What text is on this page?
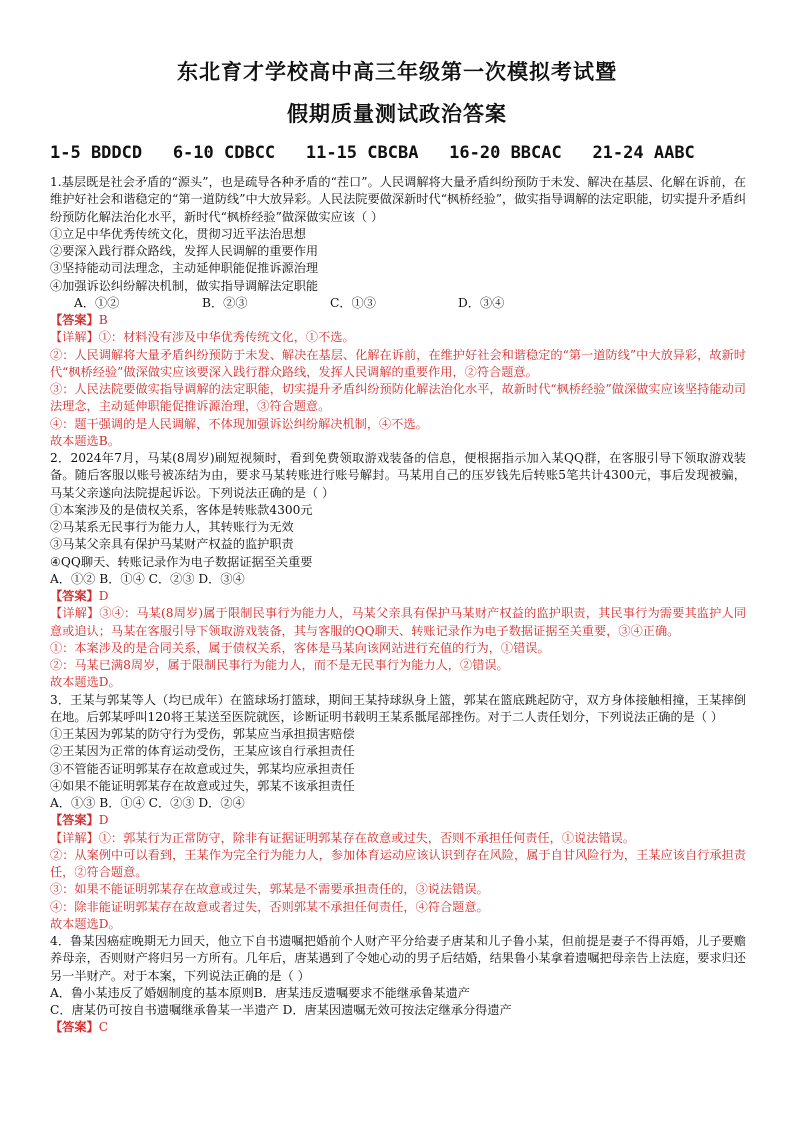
东北育才学校高中高三年级第一次模拟考试暨
假期质量测试政治答案
1-5 BDDCD   6-10 CDBCC   11-15 CBCBA   16-20 BBCAC   21-24 AABC

1.基层既是社会矛盾的“源头”，也是疏导各种矛盾的“茬口”。人民调解将大量矛盾纠纷预防于未发、解决在基层、化解在诉前，在维护好社会和谐稳定的“第一道防线”中大放异彩。人民法院要做深新时代“枫桥经验”，做实指导调解的法定职能，切实提升矛盾纠纷预防化解法治化水平，新时代“枫桥经验”做深做实应该（ ）

①立足中华优秀传统文化，贯彻习近平法治思想

②要深入践行群众路线，发挥人民调解的重要作用

③坚持能动司法理念，主动延伸职能促推诉源治理

④加强诉讼纠纷解决机制，做实指导调解法定职能

A．①②	B．②③	C．①③	D．③④

【答案】B

【详解】①：材料没有涉及中华优秀传统文化，①不选。

②：人民调解将大量矛盾纠纷预防于未发、解决在基层、化解在诉前，在维护好社会和谐稳定的“第一道防线”中大放异彩，故新时代“枫桥经验”做深做实应该要深入践行群众路线，发挥人民调解的重要作用，②符合题意。

③：人民法院要做实指导调解的法定职能，切实提升矛盾纠纷预防化解法治化水平，故新时代“枫桥经验”做深做实应该坚持能动司法理念，主动延伸职能促推诉源治理，③符合题意。

④：题干强调的是人民调解，不体现加强诉讼纠纷解决机制，④不选。

故本题选B。

2．2024年7月，马某(8周岁)刷短视频时，看到免费领取游戏装备的信息，便根据指示加入某QQ群，在客服引导下领取游戏装备。随后客服以账号被冻结为由，要求马某转账进行账号解封。马某用自己的压岁钱先后转账5笔共计4300元，事后发现被骗，马某父亲遂向法院提起诉讼。下列说法正确的是（ ）

①本案涉及的是债权关系，客体是转账款4300元

②马某系无民事行为能力人，其转账行为无效

③马某父亲具有保护马某财产权益的监护职责

④QQ聊天、转账记录作为电子数据证据至关重要

A．①② B．①④ C．②③ D．③④

【答案】D

【详解】③④：马某(8周岁)属于限制民事行为能力人，马某父亲具有保护马某财产权益的监护职责，其民事行为需要其监护人同意或追认；马某在客服引导下领取游戏装备，其与客服的QQ聊天、转账记录作为电子数据证据至关重要，③④正确。

①：本案涉及的是合同关系，属于债权关系，客体是马某向该网站进行充值的行为，①错误。

②：马某已满8周岁，属于限制民事行为能力人，而不是无民事行为能力人，②错误。

故本题选D。

3．王某与郭某等人（均已成年）在篮球场打篮球，期间王某持球纵身上篮，郭某在篮底跳起防守，双方身体接触相撞，王某摔倒在地。后郭某呼叫120将王某送至医院就医，诊断证明书载明王某系骶尾部挫伤。对于二人责任划分，下列说法正确的是（ ）

①王某因为郭某的防守行为受伤，郭某应当承担损害赔偿

②王某因为正常的体育运动受伤，王某应该自行承担责任

③不管能否证明郭某存在故意或过失，郭某均应承担责任

④如果不能证明郭某存在故意或过失，郭某不该承担责任

A．①③ B．①④ C．②③ D．②④

【答案】D

【详解】①：郭某行为正常防守，除非有证据证明郭某存在故意或过失，否则不承担任何责任，①说法错误。

②：从案例中可以看到，王某作为完全行为能力人，参加体育运动应该认识到存在风险，属于自甘风险行为，王某应该自行承担责任，②符合题意。

③：如果不能证明郭某存在故意或过失，郭某是不需要承担责任的，③说法错误。

④：除非能证明郭某存在故意或者过失，否则郭某不承担任何责任，④符合题意。

故本题选D。

4．鲁某因癌症晚期无力回天，他立下自书遗嘱把婚前个人财产平分给妻子唐某和儿子鲁小某，但前提是妻子不得再婚，儿子要赡养母亲，否则财产将归另一方所有。几年后，唐某遇到了令她心动的男子后结婚，结果鲁小某拿着遗嘱把母亲告上法庭，要求归还另一半财产。对于本案，下列说法正确的是（ ）

A．鲁小某违反了婚姻制度的基本原则B．唐某违反遗嘱要求不能继承鲁某遗产

C．唐某仍可按自书遗嘱继承鲁某一半遗产 D．唐某因遗嘱无效可按法定继承分得遗产

【答案】C
